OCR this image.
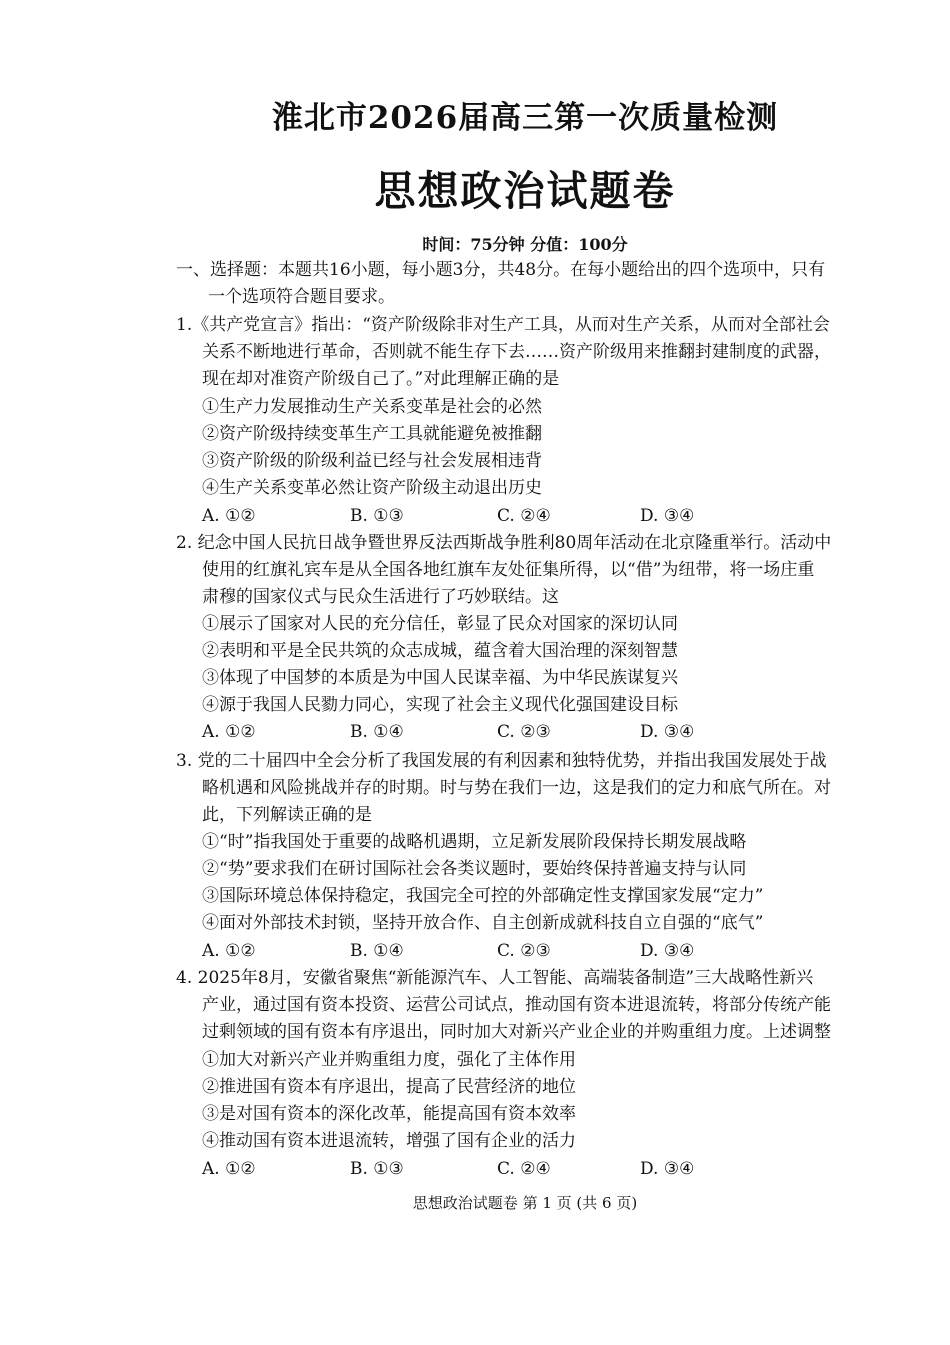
淮北市2026届高三第一次质量检测
思想政治试题卷
时间：75分钟 分值：100分
一、选择题：本题共16小题，每小题3分，共48分。在每小题给出的四个选项中，只有
一个选项符合题目要求。
1.《共产党宣言》指出：“资产阶级除非对生产工具，从而对生产关系，从而对全部社会
关系不断地进行革命，否则就不能生存下去……资产阶级用来推翻封建制度的武器，
现在却对准资产阶级自己了。”对此理解正确的是
①生产力发展推动生产关系变革是社会的必然
②资产阶级持续变革生产工具就能避免被推翻
③资产阶级的阶级利益已经与社会发展相违背
④生产关系变革必然让资产阶级主动退出历史
A. ①②	B. ①③	C. ②④	D. ③④
2. 纪念中国人民抗日战争暨世界反法西斯战争胜利80周年活动在北京隆重举行。活动中
使用的红旗礼宾车是从全国各地红旗车友处征集所得，以“借”为纽带，将一场庄重
肃穆的国家仪式与民众生活进行了巧妙联结。这
①展示了国家对人民的充分信任，彰显了民众对国家的深切认同
②表明和平是全民共筑的众志成城，蕴含着大国治理的深刻智慧
③体现了中国梦的本质是为中国人民谋幸福、为中华民族谋复兴
④源于我国人民勠力同心，实现了社会主义现代化强国建设目标
A. ①②	B. ①④	C. ②③	D. ③④
3. 党的二十届四中全会分析了我国发展的有利因素和独特优势，并指出我国发展处于战
略机遇和风险挑战并存的时期。时与势在我们一边，这是我们的定力和底气所在。对
此，下列解读正确的是
①“时”指我国处于重要的战略机遇期，立足新发展阶段保持长期发展战略
②“势”要求我们在研讨国际社会各类议题时，要始终保持普遍支持与认同
③国际环境总体保持稳定，我国完全可控的外部确定性支撑国家发展“定力”
④面对外部技术封锁，坚持开放合作、自主创新成就科技自立自强的“底气”
A. ①②	B. ①④	C. ②③	D. ③④
4. 2025年8月，安徽省聚焦“新能源汽车、人工智能、高端装备制造”三大战略性新兴
产业，通过国有资本投资、运营公司试点，推动国有资本进退流转，将部分传统产能
过剩领域的国有资本有序退出，同时加大对新兴产业企业的并购重组力度。上述调整
①加大对新兴产业并购重组力度，强化了主体作用
②推进国有资本有序退出，提高了民营经济的地位
③是对国有资本的深化改革，能提高国有资本效率
④推动国有资本进退流转，增强了国有企业的活力
A. ①②	B. ①③	C. ②④	D. ③④
思想政治试题卷 第 1 页 (共 6 页)
